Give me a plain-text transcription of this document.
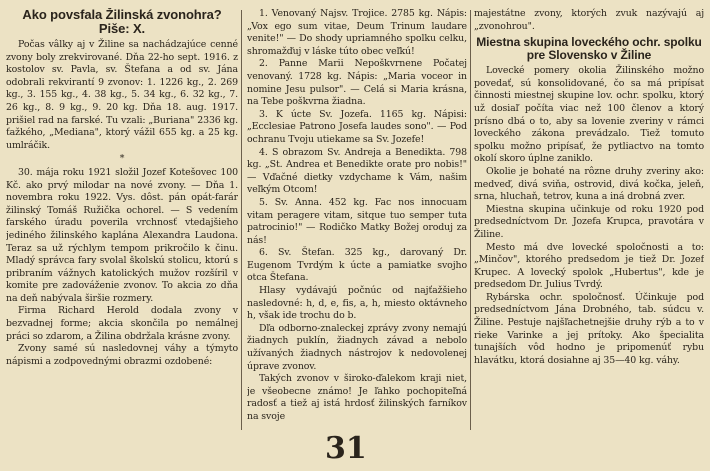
Ako povsfala Žilinská zvonohra? Piše: X.

Počas vâlky aj v Žiline sa nachádzajúce cenné zvony boly zrekvirované. Dňa 22-ho sept. 1916. z kostolov sv. Pavla, sv. Štefana a od sv. Jána odobrali rekvirantí 9 zvonov: 1. 1226 kg., 2. 269 kg., 3. 155 kg., 4. 38 kg., 5. 34 kg., 6. 32 kg., 7. 26 kg., 8. 9 kg., 9. 20 kg. Dňa 18. aug. 1917. prišiel rad na farské. Tu vzali: „Buriana" 2336 kg. ťažkého, „Mediana", ktorý vážil 655 kg. a 25 kg. umlráčik.

*

30. mája roku 1921 složil Jozef Kotešovec 100 Kč. ako prvý milodar na nové zvony. — Dňa 1. novembra roku 1922. Vys. dôst. pán opát-farár žilinský Tomáš Ružička ochorel. — S vedením farského úradu poverila vrchnosť vtedajšieho jediného žilinského kaplána Alexandra Laudona. Teraz sa už rýchlym tempom prikročilo k činu. Mladý správca fary svolal školskú stolicu, ktorú s pribraním vážnych katolických mužov rozšíril v komite pre zadováženie zvonov. To akcia zo dňa na deň nabývala širšie rozmery.

Firma Richard Herold dodala zvony v bezvadnej forme; akcia skončila po nemálnej práci so zdarom, a Žilina obdržala krásne zvony.

Zvony samé sú nasledovnej váhy a týmyto nápismi a zodpovednými obrazmi ozdobené:

1. Venovaný Najsv. Trojice. 2785 kg. Nápis: „Vox ego sum vitae, Deum Trinum laudare venite!" — Do shody upriamného spolku celku, shromažďuj v láske túto obec veľkú!

2. Panne Marii Nepoškvrnene Počatej venovaný. 1728 kg. Nápis: „Maria voceor in nomine Jesu pulsor". — Celá si Maria krásna, na Tebe poškvrna žiadna.

3. K úcte Sv. Jozefa. 1165 kg. Nápisi: „Ecclesiae Patrono Josefa laudes sono". — Pod ochranu Tvoju utiekame sa Sv. Jozefe!

4. S obrazom Sv. Andreja a Benedikta. 798 kg. „St. Andrea et Benedikte orate pro nobis!" — Vďačné dietky vzdychame k Vám, našim veľkým Otcom!

5. Sv. Anna. 452 kg. Fac nos innocuam vitam peragere vitam, sitque tuo semper tuta patrocinio!" — Rodičko Matky Božej oroduj za nás!

6. Sv. Štefan. 325 kg., darovaný Dr. Eugenom Tvrdým k úcte a pamiatke svojho otca Štefana.

Hlasy vydávajú počnúc od najťažšieho nasledovné: h, d, e, fis, a, h, miesto oktávneho h, však ide trochu do b.

Dľa odborno-znaleckej zprávy zvony nemajú žiadnych puklín, žiadnych závad a nebolo užívaných žiadnych nástrojov k nedovolenej úprave zvonov.

Takých zvonov v široko-ďalekom kraji niet, je všeobecne známo! Je ľahko pochopiteľná radosť a tiež aj istá hrdosť žilinských farníkov na svoje

majestátne zvony, ktorých zvuk nazývajú aj „zvonohrou".

Miestna skupina loveckého ochr. spolku pre Slovensko v Žiline

Lovecké pomery okolia Žilinského možno povedať, sú konsolidované, čo sa má pripísat činnosti miestnej skupine lov. ochr. spolku, ktorý už dosiaľ počíta viac než 100 členov a ktorý prísno dbá o to, aby sa lovenie zveriny v rámci loveckého zákona prevádzalo. Tiež tomuto spolku možno pripísať, že pytliactvo na tomto okolí skoro úplne zaniklo.

Okolie je bohaté na rôzne druhy zveriny ako: medveď, divá sviňa, ostrovid, divá kočka, jeleň, srna, hluchaň, tetrov, kuna a iná drobná zver.

Miestna skupina učinkuje od roku 1920 pod predsedníctvom Dr. Jozefa Krupca, pravotára v Žiline.

Mesto má dve lovecké spoločnosti a to: „Minčov", ktorého predsedom je tiež Dr. Jozef Krupec. A lovecký spolok „Hubertus", kde je predsedom Dr. Julius Tvrdý.

Rybárska ochr. spoločnosť. Účinkuje pod predsedníctvom Jána Drobného, tab. súdcu v. Žiline. Pestuje najšľachetnejšie druhy rýb a to v rieke Varinke a jej prítoky. Ako špecialita tunajších vôd hodno je pripomenúť rybu hlavátku, ktorá dosiahne aj 35—40 kg. váhy.

31
